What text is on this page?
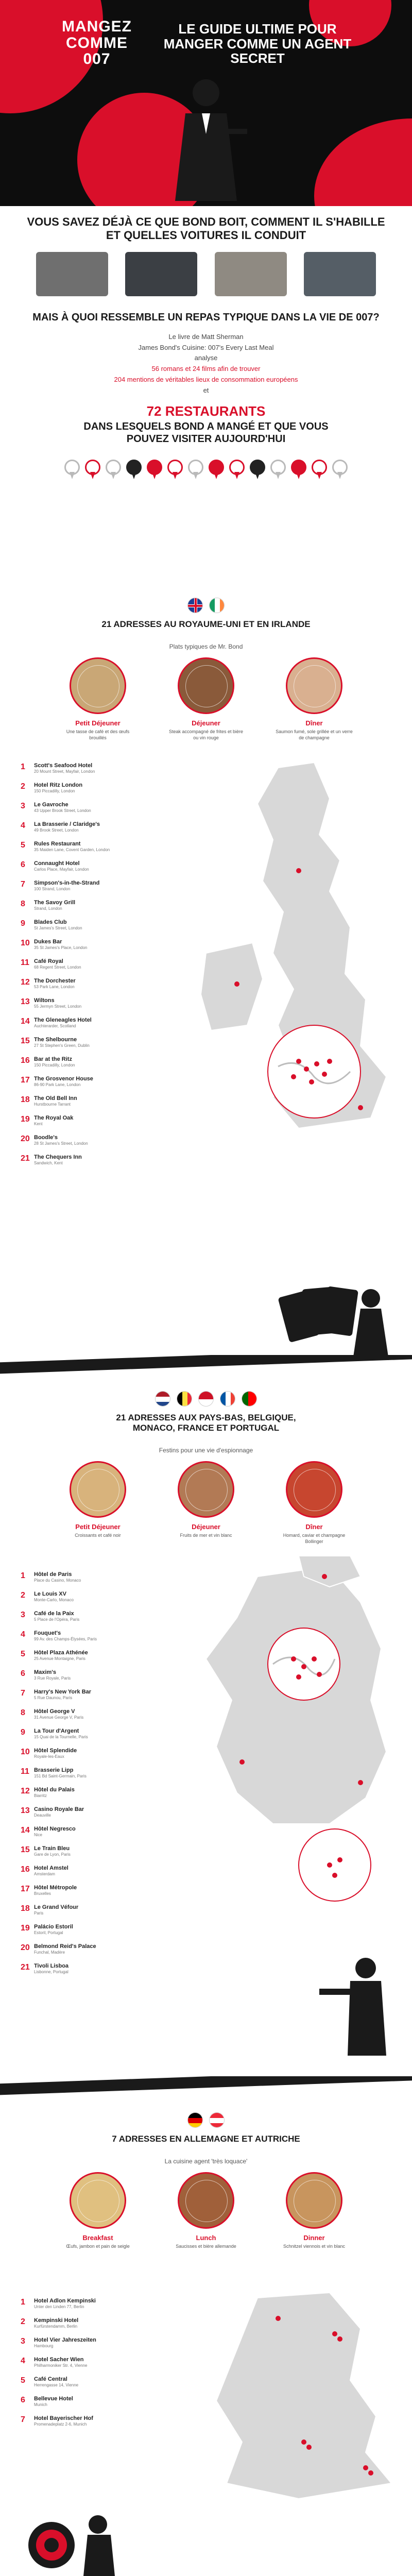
MANGEZ COMME 007
LE GUIDE ULTIME POUR MANGER COMME UN AGENT SECRET
VOUS SAVEZ DÉJÀ CE QUE BOND BOIT, COMMENT IL S'HABILLE ET QUELLES VOITURES IL CONDUIT
MAIS À QUOI RESSEMBLE UN REPAS TYPIQUE DANS LA VIE DE 007?
Le livre de Matt Sherman
James Bond's Cuisine: 007's Every Last Meal
analyse
56 romans et 24 films afin de trouver
204 mentions de véritables lieux de consommation européens
et
72 RESTAURANTS
DANS LESQUELS BOND A MANGÉ ET QUE VOUS POUVEZ VISITER AUJOURD'HUI
21 ADRESSES AU ROYAUME-UNI ET EN IRLANDE
Plats typiques de Mr. Bond
Petit Déjeuner
Une tasse de café et des œufs brouillés
Déjeuner
Steak accompagné de frites et bière ou vin rouge
Dîner
Saumon fumé, sole grillée et un verre de champagne
1	Scott's Seafood Hotel
20 Mount Street, Mayfair, London
2	Hotel Ritz London
150 Piccadilly, London
3	Le Gavroche
43 Upper Brook Street, London
4	La Brasserie / Claridge's
49 Brook Street, London
5	Rules Restaurant
35 Maiden Lane, Covent Garden, London
6	Connaught Hotel
Carlos Place, Mayfair, London
7	Simpson's-in-the-Strand
100 Strand, London
8	The Savoy Grill
Strand, London
9	Blades Club
St James's Street, London
10 Dukes Bar
35 St James's Place, London
11 Café Royal
68 Regent Street, London
12 The Dorchester
53 Park Lane, London
13 Wiltons
55 Jermyn Street, London
14 The Gleneagles Hotel
Auchterarder, Scotland
15 The Shelbourne
27 St Stephen's Green, Dublin
16 Bar at the Ritz
150 Piccadilly, London
17 The Grosvenor House
86-90 Park Lane, London
18 The Old Bell Inn
Hurstbourne Tarrant
19 The Royal Oak
Kent
20 Boodle's
28 St James's Street, London
21 The Chequers Inn
Sandwich, Kent
21 ADRESSES AUX PAYS-BAS, BELGIQUE, MONACO, FRANCE ET PORTUGAL
Festins pour une vie d'espionnage
Petit Déjeuner
Croissants et café noir
Déjeuner
Fruits de mer et vin blanc
Dîner
Homard, caviar et champagne Bollinger
1	Hôtel de Paris
Place du Casino, Monaco
2	Le Louis XV
Monte-Carlo, Monaco
3	Café de la Paix
5 Place de l'Opéra, Paris
4	Fouquet's
99 Av. des Champs-Élysées, Paris
5	Hôtel Plaza Athénée
25 Avenue Montaigne, Paris
6	Maxim's
3 Rue Royale, Paris
7	Harry's New York Bar
5 Rue Daunou, Paris
8	Hôtel George V
31 Avenue George V, Paris
9	La Tour d'Argent
15 Quai de la Tournelle, Paris
10 Hôtel Splendide
Royale-les-Eaux
11 Brasserie Lipp
151 Bd Saint-Germain, Paris
12 Hôtel du Palais
Biarritz
13 Casino Royale Bar
Deauville
14 Hôtel Negresco
Nice
15 Le Train Bleu
Gare de Lyon, Paris
16 Hotel Amstel
Amsterdam
17 Hôtel Métropole
Bruxelles
18 Le Grand Véfour
Paris
19 Palácio Estoril
Estoril, Portugal
20 Belmond Reid's Palace
Funchal, Madère
21 Tivoli Lisboa
Lisbonne, Portugal
7 ADRESSES EN ALLEMAGNE ET AUTRICHE
La cuisine agent 'très loquace'
Breakfast
Œufs, jambon et pain de seigle
Lunch
Saucisses et bière allemande
Dinner
Schnitzel viennois et vin blanc
1	Hotel Adlon Kempinski
Unter den Linden 77, Berlin
2	Kempinski Hotel
Kurfürstendamm, Berlin
3	Hotel Vier Jahreszeiten
Hambourg
4	Hotel Sacher Wien
Philharmoniker Str. 4, Vienne
5	Café Central
Herrengasse 14, Vienne
6	Bellevue Hotel
Munich
7	Hotel Bayerischer Hof
Promenadeplatz 2-6, Munich
